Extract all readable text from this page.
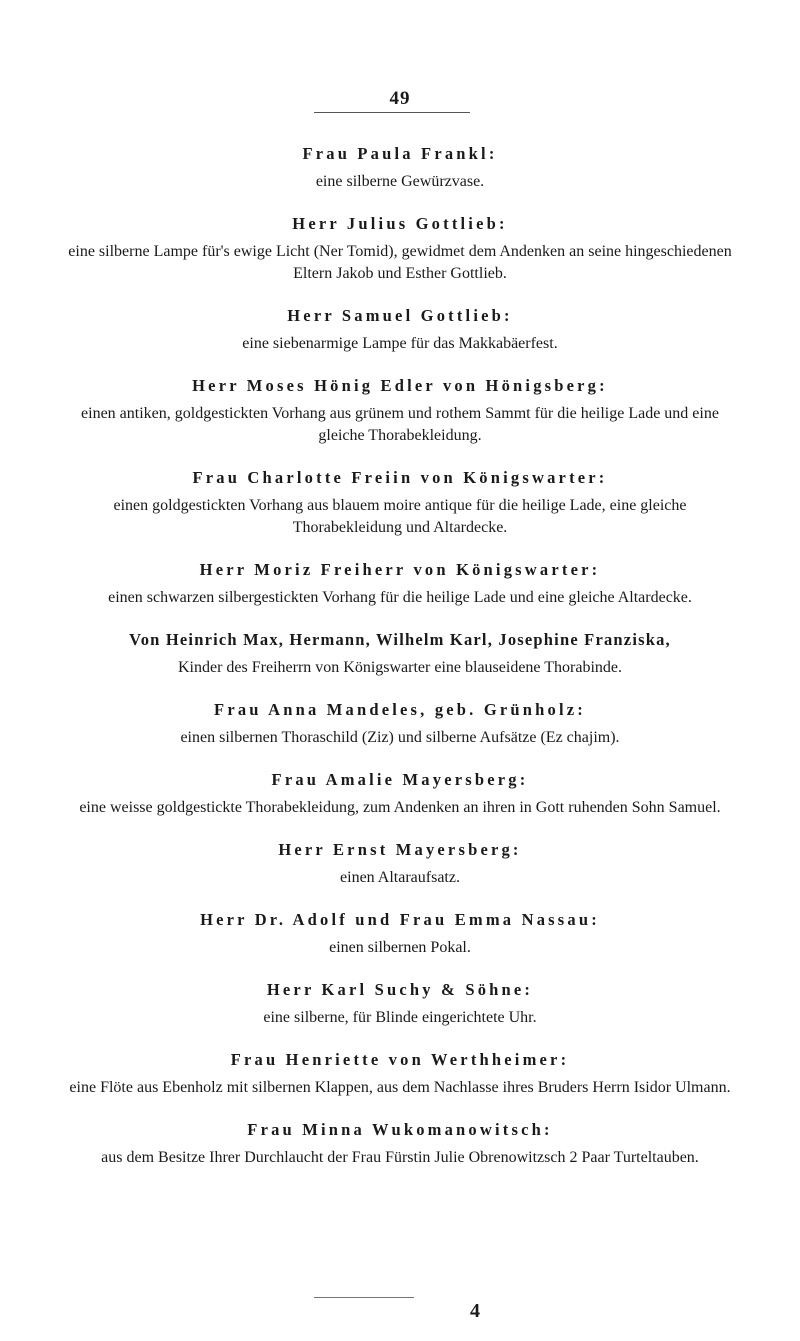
49
Frau Paula Frankl:
eine silberne Gewürzvase.
Herr Julius Gottlieb:
eine silberne Lampe für's ewige Licht (Ner Tomid), gewidmet dem Andenken an seine hingeschiedenen Eltern Jakob und Esther Gottlieb.
Herr Samuel Gottlieb:
eine siebenarmige Lampe für das Makkabäerfest.
Herr Moses Hönig Edler von Hönigsberg:
einen antiken, goldgestickten Vorhang aus grünem und rothem Sammt für die heilige Lade und eine gleiche Thorabekleidung.
Frau Charlotte Freiin von Königswarter:
einen goldgestickten Vorhang aus blauem moire antique für die heilige Lade, eine gleiche Thorabekleidung und Altardecke.
Herr Moriz Freiherr von Königswarter:
einen schwarzen silbergestickten Vorhang für die heilige Lade und eine gleiche Altardecke.
Von Heinrich Max, Hermann, Wilhelm Karl, Josephine Franziska,
Kinder des Freiherrn von Königswarter eine blauseidene Thorabinde.
Frau Anna Mandeles, geb. Grünholz:
einen silbernen Thoraschild (Ziz) und silberne Aufsätze (Ez chajim).
Frau Amalie Mayersberg:
eine weisse goldgestickte Thorabekleidung, zum Andenken an ihren in Gott ruhenden Sohn Samuel.
Herr Ernst Mayersberg:
einen Altaraufsatz.
Herr Dr. Adolf und Frau Emma Nassau:
einen silbernen Pokal.
Herr Karl Suchy & Söhne:
eine silberne, für Blinde eingerichtete Uhr.
Frau Henriette von Werthheimer:
eine Flöte aus Ebenholz mit silbernen Klappen, aus dem Nachlasse ihres Bruders Herrn Isidor Ulmann.
Frau Minna Wukomanowitsch:
aus dem Besitze Ihrer Durchlaucht der Frau Fürstin Julie Obrenowitzsch 2 Paar Turteltauben.
4
